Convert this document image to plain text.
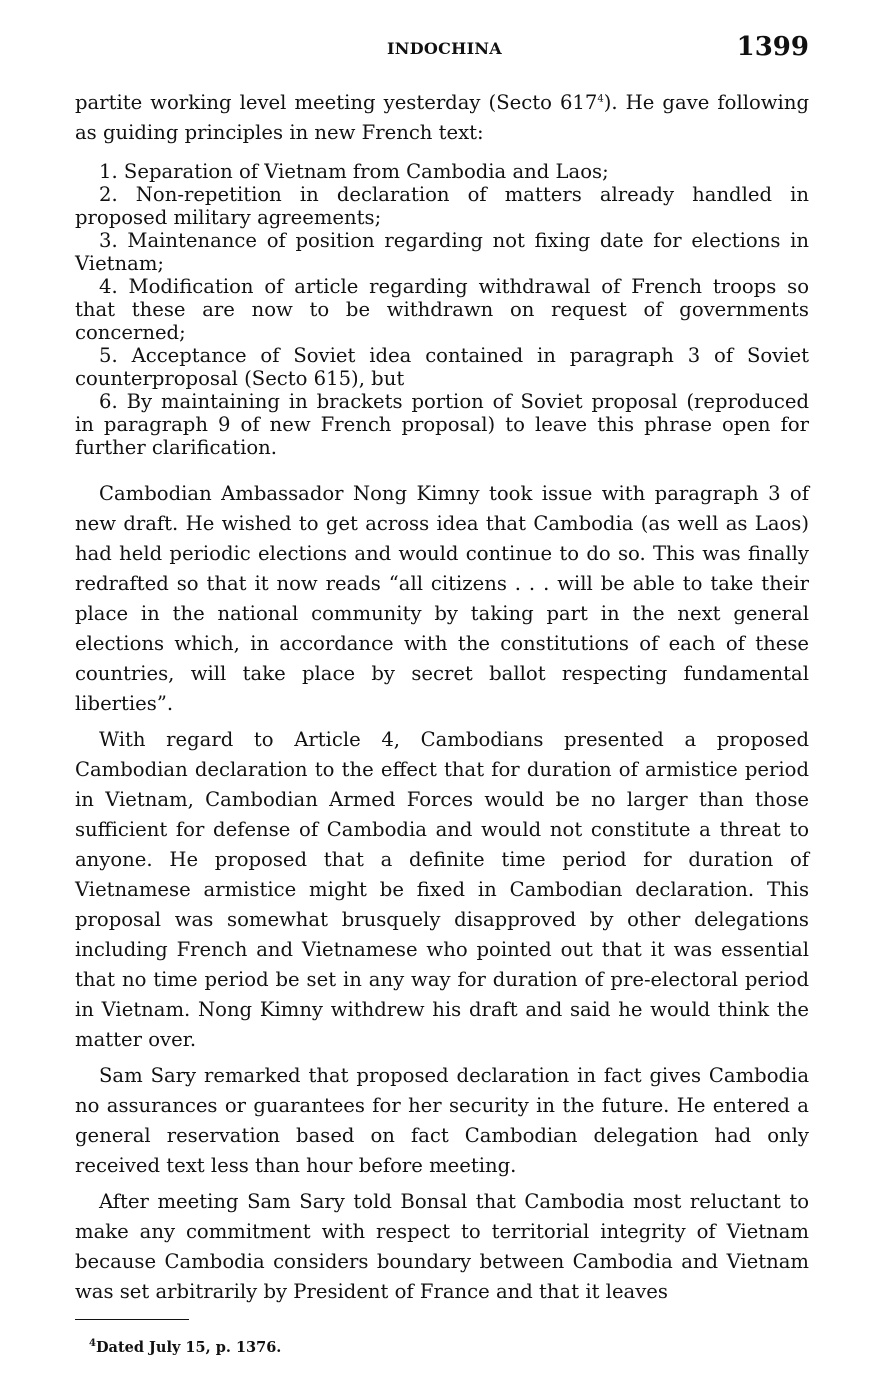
INDOCHINA	1399

partite working level meeting yesterday (Secto $617^4$). He gave following as guiding principles in new French text:

1. Separation of Vietnam from Cambodia and Laos;
2. Non-repetition in declaration of matters already handled in proposed military agreements;
3. Maintenance of position regarding not fixing date for elections in Vietnam;
4. Modification of article regarding withdrawal of French troops so that these are now to be withdrawn on request of governments concerned;
5. Acceptance of Soviet idea contained in paragraph 3 of Soviet counterproposal (Secto 615), but
6. By maintaining in brackets portion of Soviet proposal (reproduced in paragraph 9 of new French proposal) to leave this phrase open for further clarification.

Cambodian Ambassador Nong Kimny took issue with paragraph 3 of new draft. He wished to get across idea that Cambodia (as well as Laos) had held periodic elections and would continue to do so. This was finally redrafted so that it now reads “all citizens . . . will be able to take their place in the national community by taking part in the next general elections which, in accordance with the constitutions of each of these countries, will take place by secret ballot respecting fundamental liberties”.

With regard to Article 4, Cambodians presented a proposed Cambodian declaration to the effect that for duration of armistice period in Vietnam, Cambodian Armed Forces would be no larger than those sufficient for defense of Cambodia and would not constitute a threat to anyone. He proposed that a definite time period for duration of Vietnamese armistice might be fixed in Cambodian declaration. This proposal was somewhat brusquely disapproved by other delegations including French and Vietnamese who pointed out that it was essential that no time period be set in any way for duration of pre-electoral period in Vietnam. Nong Kimny withdrew his draft and said he would think the matter over.

Sam Sary remarked that proposed declaration in fact gives Cambodia no assurances or guarantees for her security in the future. He entered a general reservation based on fact Cambodian delegation had only received text less than hour before meeting.

After meeting Sam Sary told Bonsal that Cambodia most reluctant to make any commitment with respect to territorial integrity of Vietnam because Cambodia considers boundary between Cambodia and Vietnam was set arbitrarily by President of France and that it leaves

$^4$Dated July 15, p. 1376.
